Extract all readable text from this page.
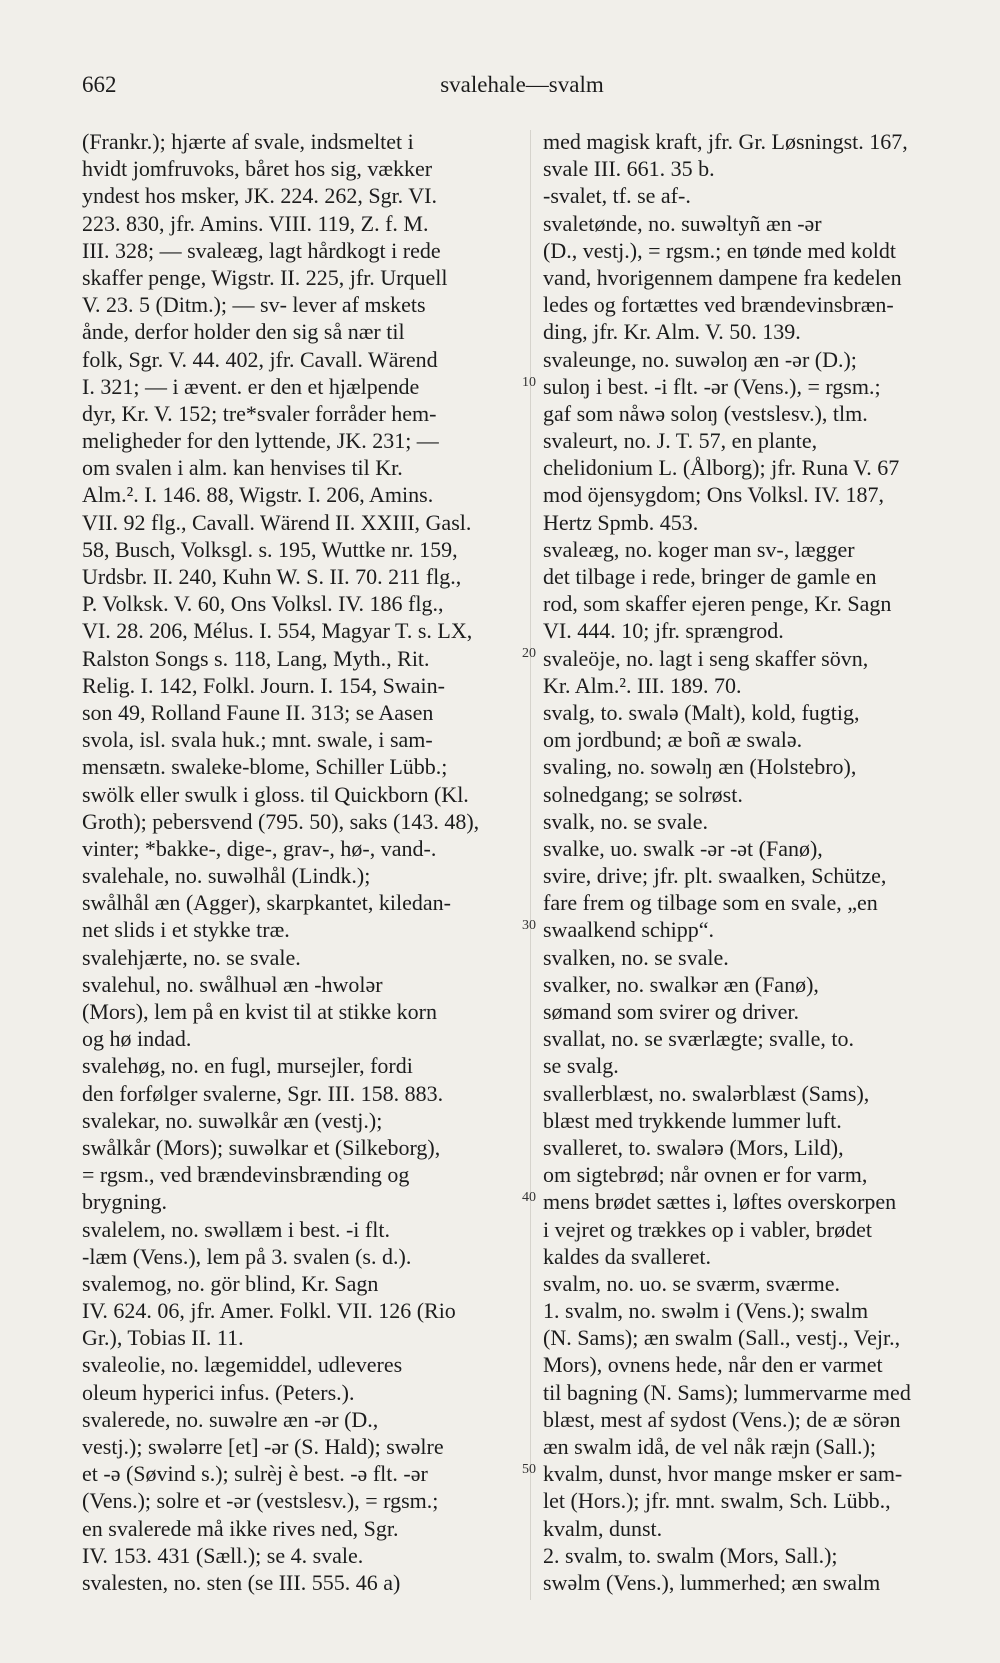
662	svalehale—svalm
10
20
30
40
50
(Frankr.); hjærte af svale, indsmeltet i
hvidt jomfruvoks, båret hos sig, vækker
yndest hos msker, JK. 224. 262, Sgr. VI.
223. 830, jfr. Amins. VIII. 119, Z. f. M.
III. 328; — svaleæg, lagt hårdkogt i rede
skaffer penge, Wigstr. II. 225, jfr. Urquell
V. 23. 5 (Ditm.); — sv- lever af mskets
ånde, derfor holder den sig så nær til
folk, Sgr. V. 44. 402, jfr. Cavall. Wärend
I. 321; — i ævent. er den et hjælpende
dyr, Kr. V. 152; tre*svaler forråder hem-
meligheder for den lyttende, JK. 231; —
om svalen i alm. kan henvises til Kr.
Alm.². I. 146. 88, Wigstr. I. 206, Amins.
VII. 92 flg., Cavall. Wärend II. XXIII, Gasl.
58, Busch, Volksgl. s. 195, Wuttke nr. 159,
Urdsbr. II. 240, Kuhn W. S. II. 70. 211 flg.,
P. Volksk. V. 60, Ons Volksl. IV. 186 flg.,
VI. 28. 206, Mélus. I. 554, Magyar T. s. LX,
Ralston Songs s. 118, Lang, Myth., Rit.
Relig. I. 142, Folkl. Journ. I. 154, Swain-
son 49, Rolland Faune II. 313; se Aasen
svola, isl. svala huk.; mnt. swale, i sam-
mensætn. swaleke-blome, Schiller Lübb.;
swölk eller swulk i gloss. til Quickborn (Kl.
Groth); pebersvend (795. 50), saks (143. 48),
vinter; *bakke-, dige-, grav-, hø-, vand-.
svalehale, no. suwəlhål (Lindk.);
swålhål æn (Agger), skarpkantet, kiledan-
net slids i et stykke træ.
svalehjærte, no. se svale.
svalehul, no. swålhuəl æn -hwolər
(Mors), lem på en kvist til at stikke korn
og hø indad.
svalehøg, no. en fugl, mursejler, fordi
den forfølger svalerne, Sgr. III. 158. 883.
svalekar, no. suwəlkår æn (vestj.);
swålkår (Mors); suwəlkar et (Silkeborg),
= rgsm., ved brændevinsbrænding og
brygning.
svalelem, no. swəllæm i best. -i flt.
-læm (Vens.), lem på 3. svalen (s. d.).
svalemog, no. gör blind, Kr. Sagn
IV. 624. 06, jfr. Amer. Folkl. VII. 126 (Rio
Gr.), Tobias II. 11.
svaleolie, no. lægemiddel, udleveres
oleum hyperici infus. (Peters.).
svalerede, no. suwəlre æn -ər (D.,
vestj.); swələrre [et] -ər (S. Hald); swəlre
et -ə (Søvind s.); sulrèj è best. -ə flt. -ər
(Vens.); solre et -ər (vestslesv.), = rgsm.;
en svalerede må ikke rives ned, Sgr.
IV. 153. 431 (Sæll.); se 4. svale.
svalesten, no. sten (se III. 555. 46 a)
med magisk kraft, jfr. Gr. Løsningst. 167,
svale III. 661. 35 b.
-svalet, tf. se af-.
svaletønde, no. suwəltyñ æn -ər
(D., vestj.), = rgsm.; en tønde med koldt
vand, hvorigennem dampene fra kedelen
ledes og fortættes ved brændevinsbræn-
ding, jfr. Kr. Alm. V. 50. 139.
svaleunge, no. suwəloŋ æn -ər (D.);
suloŋ i best. -i flt. -ər (Vens.), = rgsm.;
gaf som nåwə soloŋ (vestslesv.), tlm.
svaleurt, no. J. T. 57, en plante,
chelidonium L. (Ålborg); jfr. Runa V. 67
mod öjensygdom; Ons Volksl. IV. 187,
Hertz Spmb. 453.
svaleæg, no. koger man sv-, lægger
det tilbage i rede, bringer de gamle en
rod, som skaffer ejeren penge, Kr. Sagn
VI. 444. 10; jfr. sprængrod.
svaleöje, no. lagt i seng skaffer sövn,
Kr. Alm.². III. 189. 70.
svalg, to. swalə (Malt), kold, fugtig,
om jordbund; æ boñ æ swalə.
svaling, no. sowəlŋ æn (Holstebro),
solnedgang; se solrøst.
svalk, no. se svale.
svalke, uo. swalk -ər -ət (Fanø),
svire, drive; jfr. plt. swaalken, Schütze,
fare frem og tilbage som en svale, „en
swaalkend schipp“.
svalken, no. se svale.
svalker, no. swalkər æn (Fanø),
sømand som svirer og driver.
svallat, no. se sværlægte; svalle, to.
se svalg.
svallerblæst, no. swalərblæst (Sams),
blæst med trykkende lummer luft.
svalleret, to. swalərə (Mors, Lild),
om sigtebrød; når ovnen er for varm,
mens brødet sættes i, løftes overskorpen
i vejret og trækkes op i vabler, brødet
kaldes da svalleret.
svalm, no. uo. se sværm, sværme.
1. svalm, no. swəlm i (Vens.); swalm
(N. Sams); æn swalm (Sall., vestj., Vejr.,
Mors), ovnens hede, når den er varmet
til bagning (N. Sams); lummervarme med
blæst, mest af sydost (Vens.); de æ sörən
æn swalm idå, de vel nåk ræjn (Sall.);
kvalm, dunst, hvor mange msker er sam-
let (Hors.); jfr. mnt. swalm, Sch. Lübb.,
kvalm, dunst.
2. svalm, to. swalm (Mors, Sall.);
swəlm (Vens.), lummerhed; æn swalm
